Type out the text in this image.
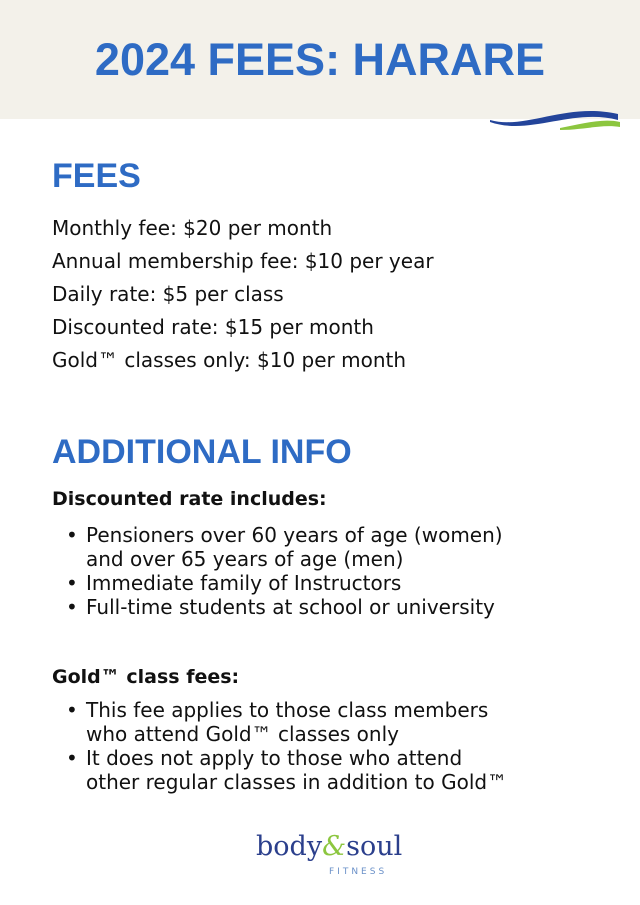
2024 FEES: HARARE
FEES
Monthly fee: $20 per month
Annual membership fee: $10 per year
Daily rate: $5 per class
Discounted rate: $15 per month
Gold™ classes only: $10 per month
ADDITIONAL INFO
Discounted rate includes:
• Pensioners over 60 years of age (women)
and over 65 years of age (men)
• Immediate family of Instructors
• Full-time students at school or university
Gold™ class fees:
• This fee applies to those class members
who attend Gold™ classes only
• It does not apply to those who attend
other regular classes in addition to Gold™
body&soul
FITNESS
